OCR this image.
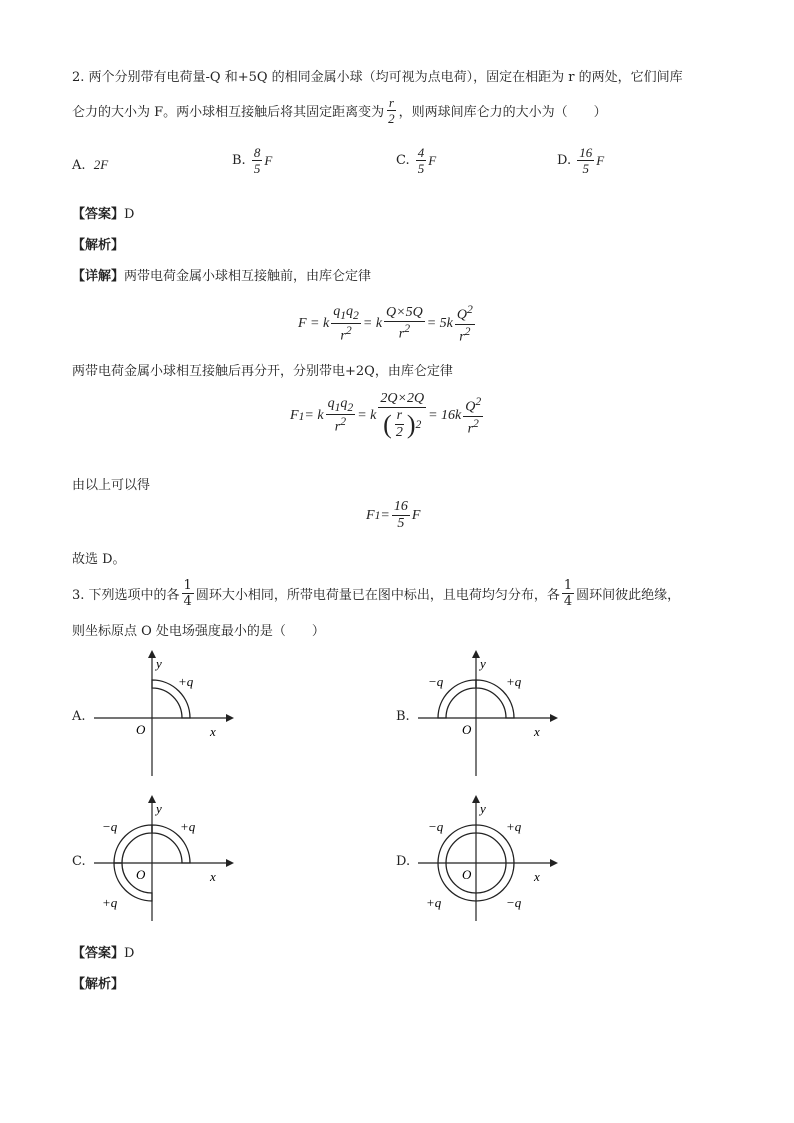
2. 两个分别带有电荷量-Q 和+5Q 的相同金属小球（均可视为点电荷），固定在相距为 r 的两处，它们间库
仑力的大小为 F。两小球相互接触后将其固定距离变为 $\frac{r}{2}$ ，则两球间库仑力的大小为（　　）
A. 2F	B.
$\frac{8}{5}$ F	C.
$\frac{4}{5}$ F	D.
$\frac{16}{5}$ F
【答案】D
【解析】
【详解】两带电荷金属小球相互接触前，由库仑定律
F = k $\frac{q_1q_2}{r^2} = k \frac{Q\times 5Q}{r^2} = 5k \frac{Q^2}{r^2}$
两带电荷金属小球相互接触后再分开，分别带电+2Q，由库仑定律
F 1 = k $\frac{q_1q_2}{r^2} = k \frac{2Q\times 2Q}{( \frac{r}{2} ) 2} = 16k \frac{Q^2}{r^2}$
由以上可以得
F $1 = \frac{16}{5}$ F
故选 D。
3. 下列选项中的各 $\frac{1}{4}$ 圆环大小相同，所带电荷量已在图中标出，且电荷均匀分布，各 $\frac{1}{4}$ 圆环间彼此绝缘，
则坐标原点 O 处电场强度最小的是（　　）
A.
+q
y
x
O
B.
−q	+q
y
x
O
C.
−q	+q
+q
y
x
O
D.
−q	+q
+q	−q
y
x
O
【答案】D
【解析】
